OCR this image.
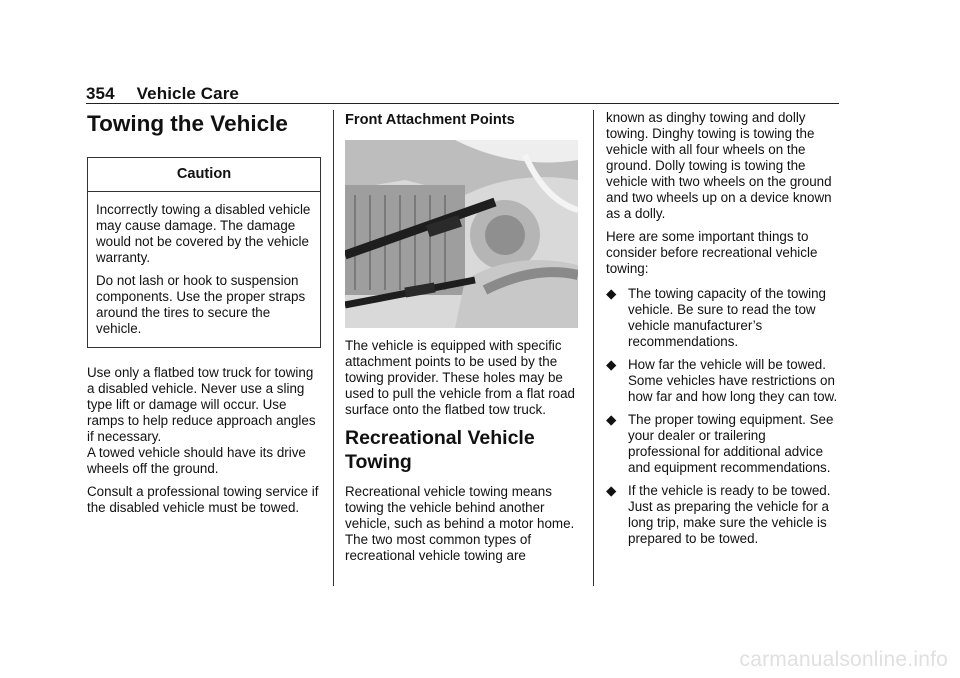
354 Vehicle Care
Towing the Vehicle
Caution

Incorrectly towing a disabled vehicle may cause damage. The damage would not be covered by the vehicle warranty.

Do not lash or hook to suspension components. Use the proper straps around the tires to secure the vehicle.

Use only a flatbed tow truck for towing a disabled vehicle. Never use a sling type lift or damage will occur. Use ramps to help reduce approach angles if necessary.

A towed vehicle should have its drive wheels off the ground.

Consult a professional towing service if the disabled vehicle must be towed.

Front Attachment Points

The vehicle is equipped with specific attachment points to be used by the towing provider. These holes may be used to pull the vehicle from a flat road surface onto the flatbed tow truck.

Recreational Vehicle Towing

Recreational vehicle towing means towing the vehicle behind another vehicle, such as behind a motor home. The two most common types of recreational vehicle towing are

known as dinghy towing and dolly towing. Dinghy towing is towing the vehicle with all four wheels on the ground. Dolly towing is towing the vehicle with two wheels on the ground and two wheels up on a device known as a dolly.

Here are some important things to consider before recreational vehicle towing:

◆ The towing capacity of the towing vehicle. Be sure to read the tow vehicle manufacturer’s recommendations.
◆ How far the vehicle will be towed. Some vehicles have restrictions on how far and how long they can tow.
◆ The proper towing equipment. See your dealer or trailering professional for additional advice and equipment recommendations.
◆ If the vehicle is ready to be towed. Just as preparing the vehicle for a long trip, make sure the vehicle is prepared to be towed.
carmanualsonline.info
